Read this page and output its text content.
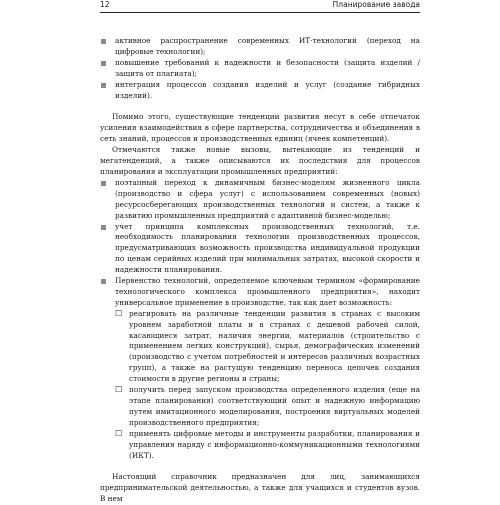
12	Планирование завода
активное распространение современных ИТ-технологий (переход на цифровые технологии);
повышение требований к надежности и безопасности (защита изделий / защита от плагиата);
интеграция процессов создания изделий и услуг (создание гибридных изделий).

Помимо этого, существующие тенденции развития несут в себе отпечаток усиления взаимодействия в сфере партнерства, сотрудничества и объединения в сеть знаний, процессов и производственных единиц (ячеек компетенций).

Отмечаются также новые вызовы, вытекающие из тенденций и мегатенденций, а также описываются их последствия для процессов планирования и эксплуатации промышленных предприятий:

поэтапный переход к динамичным бизнес-моделям жизненного цикла (производство и сфера услуг) с использованием современных (новых) ресурсосберегающих производственных технологий и систем, а также к развитию промышленных предприятий с адаптивной бизнес-моделью;
учет принципа комплексных производственных технологий, т.е. необходимость планирования технологии производственных процессов, предусматривающих возможность производства индивидуальной продукции по ценам серийных изделий при минимальных затратах, высокой скорости и надежности планирования.
Первенство технологий, определяемое ключевым термином «формирование технологического комплекса промышленного предприятия», находит универсальное применение в производстве, так как дает возможность:
☐ реагировать на различные тенденции развития в странах с высоким уровнем заработной платы и в странах с дешевой рабочей силой, касающиеся затрат, наличия энергии, материалов (строительство с применением легких конструкций), сырья, демографических изменений (производство с учетом потребностей и интересов различных возрастных групп), а также на растущую тенденцию переноса цепочек создания стоимости в другие регионы и страны;
☐ получить перед запуском производства определенного изделия (еще на этапе планирования) соответствующий опыт и надежную информацию путем имитационного моделирования, построения виртуальных моделей производственного предприятия;
☐ применять цифровые методы и инструменты разработки, планирования и управления наряду с информационно-коммуникационными технологиями (ИКТ).

Настоящий справочник предназначен для лиц, занимающихся предпринимательской деятельностью, а также для учащихся и студентов вузов. В нем
